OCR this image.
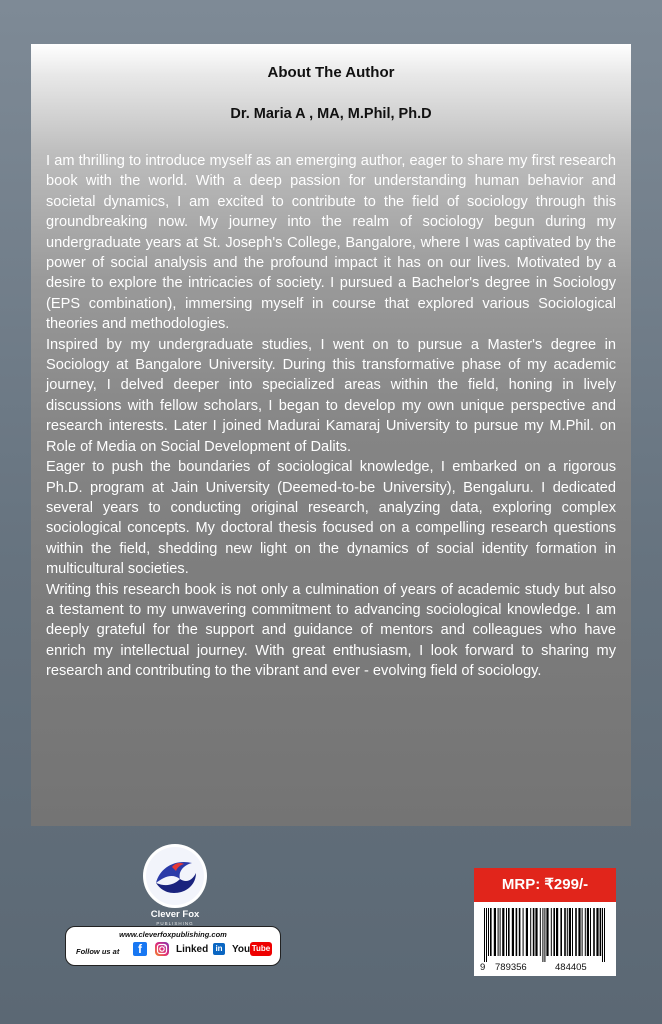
About The Author
Dr. Maria A , MA, M.Phil, Ph.D

I am thrilling to introduce myself as an emerging author, eager to share my first research book with the world. With a deep passion for understanding human behavior and societal dynamics, I am excited to contribute to the field of sociology through this groundbreaking now. My journey into the realm of sociology begun during my undergraduate years at St. Joseph's College, Bangalore, where I was captivated by the power of social analysis and the profound impact it has on our lives. Motivated by a desire to explore the intricacies of society. I pursued a Bachelor's degree in Sociology (EPS combination), immersing myself in course that explored various Sociological theories and methodologies.

Inspired by my undergraduate studies, I went on to pursue a Master's degree in Sociology at Bangalore University. During this transformative phase of my academic journey, I delved deeper into specialized areas within the field, honing in lively discussions with fellow scholars, I began to develop my own unique perspective and research interests. Later I joined Madurai Kamaraj University to pursue my M.Phil. on Role of Media on Social Development of Dalits.

Eager to push the boundaries of sociological knowledge, I embarked on a rigorous Ph.D. program at Jain University (Deemed-to-be University), Bengaluru. I dedicated several years to conducting original research, analyzing data, exploring complex sociological concepts. My doctoral thesis focused on a compelling research questions within the field, shedding new light on the dynamics of social identity formation in multicultural societies.

Writing this research book is not only a culmination of years of academic study but also a testament to my unwavering commitment to advancing sociological knowledge. I am deeply grateful for the support and guidance of mentors and colleagues who have enrich my intellectual journey. With great enthusiasm, I look forward to sharing my research and contributing to the vibrant and ever - evolving field of sociology.

Clever Fox
PUBLISHING
www.cleverfoxpublishing.com
Follow us at	f	Linked in You Tube
MRP: ₹299/-
9 789356	484405
